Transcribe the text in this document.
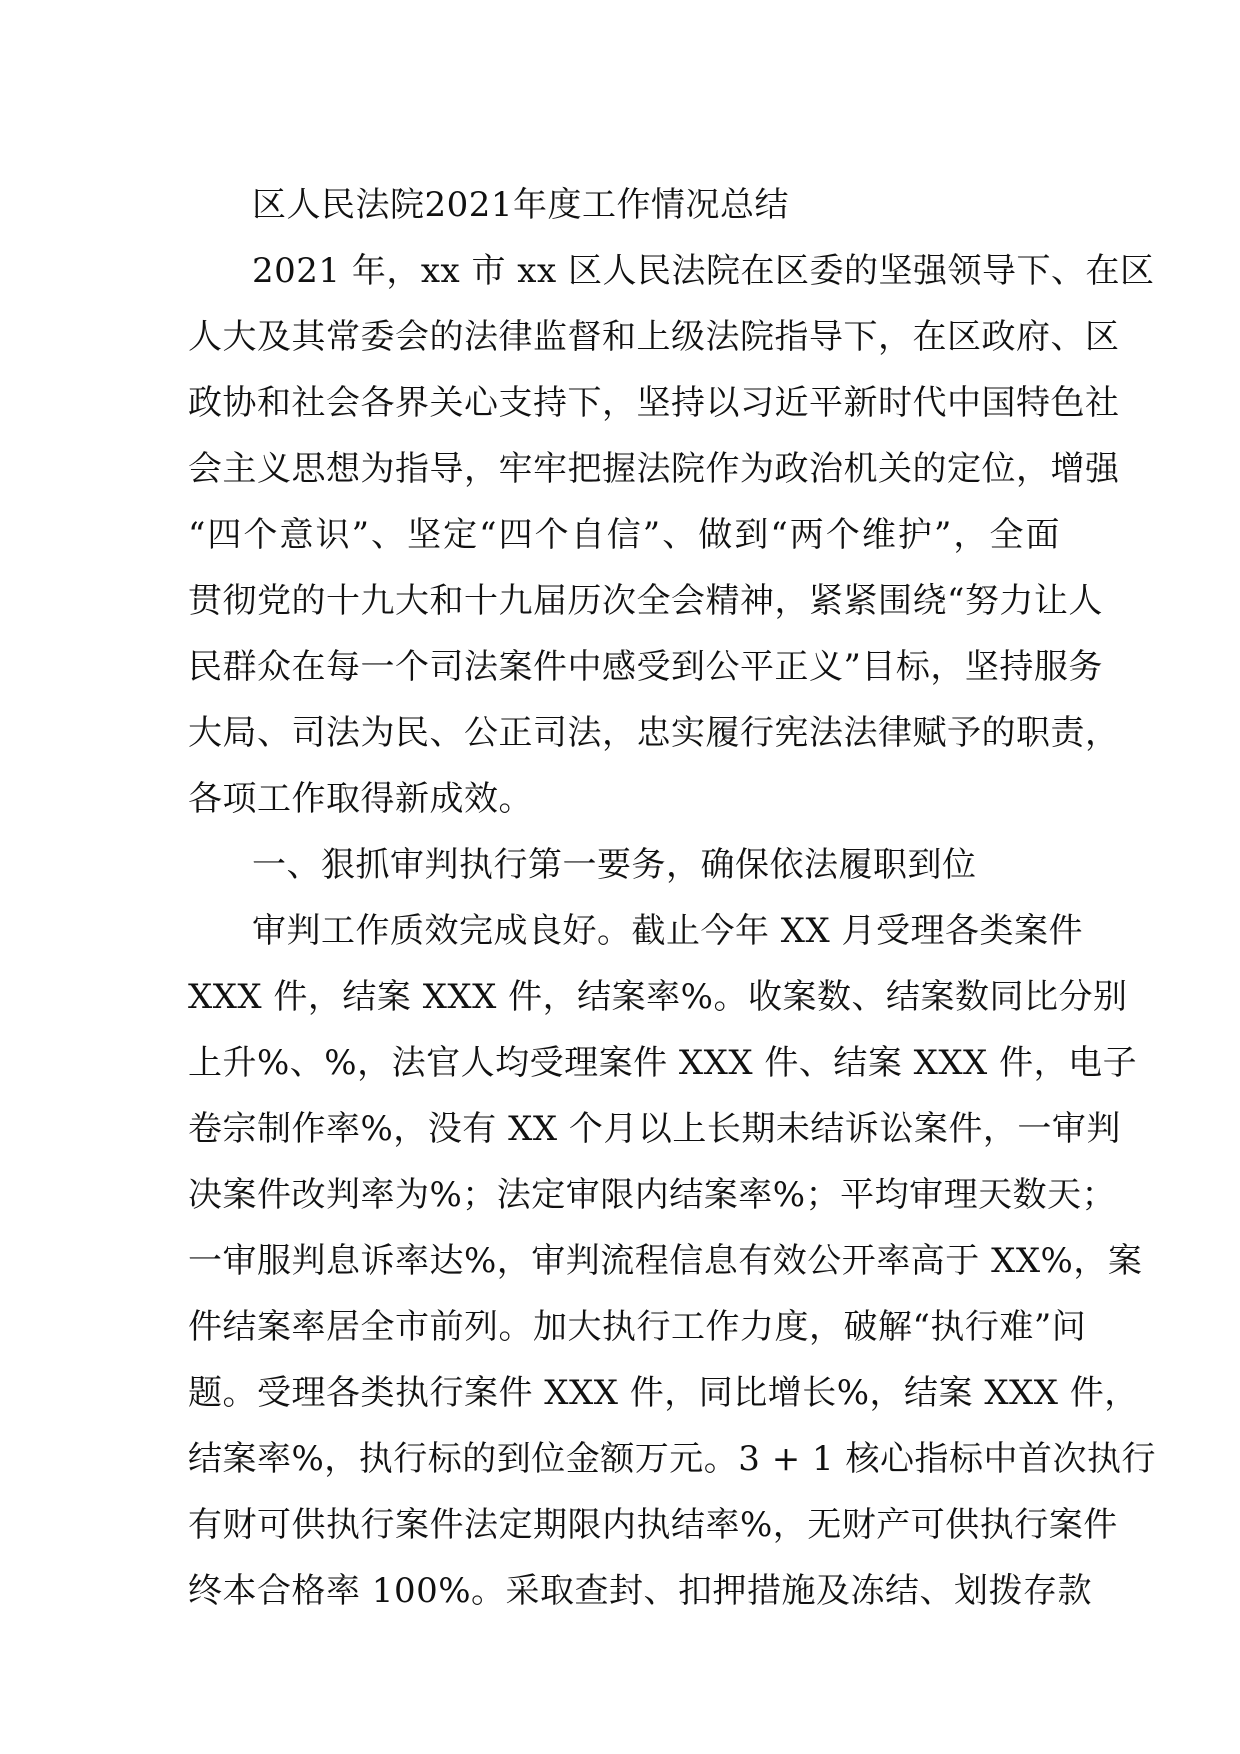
区人民法院2021年度工作情况总结
2021 年，xx 市 xx 区人民法院在区委的坚强领导下、在区
人大及其常委会的法律监督和上级法院指导下，在区政府、区
政协和社会各界关心支持下，坚持以习近平新时代中国特色社
会主义思想为指导，牢牢把握法院作为政治机关的定位，增强
“四个意识”、坚定“四个自信”、做到“两个维护”，全面
贯彻党的十九大和十九届历次全会精神，紧紧围绕“努力让人
民群众在每一个司法案件中感受到公平正义”目标，坚持服务
大局、司法为民、公正司法，忠实履行宪法法律赋予的职责，
各项工作取得新成效。
一、狠抓审判执行第一要务，确保依法履职到位
审判工作质效完成良好。截止今年 XX 月受理各类案件
XXX 件，结案 XXX 件，结案率%。收案数、结案数同比分别
上升%、%，法官人均受理案件 XXX 件、结案 XXX 件，电子
卷宗制作率%，没有 XX 个月以上长期未结诉讼案件，一审判
决案件改判率为%；法定审限内结案率%；平均审理天数天；
一审服判息诉率达%，审判流程信息有效公开率高于 XX%，案
件结案率居全市前列。加大执行工作力度，破解“执行难”问
题。受理各类执行案件 XXX 件，同比增长%，结案 XXX 件，
结案率%，执行标的到位金额万元。3 + 1 核心指标中首次执行
有财可供执行案件法定期限内执结率%，无财产可供执行案件
终本合格率 100%。采取查封、扣押措施及冻结、划拨存款
